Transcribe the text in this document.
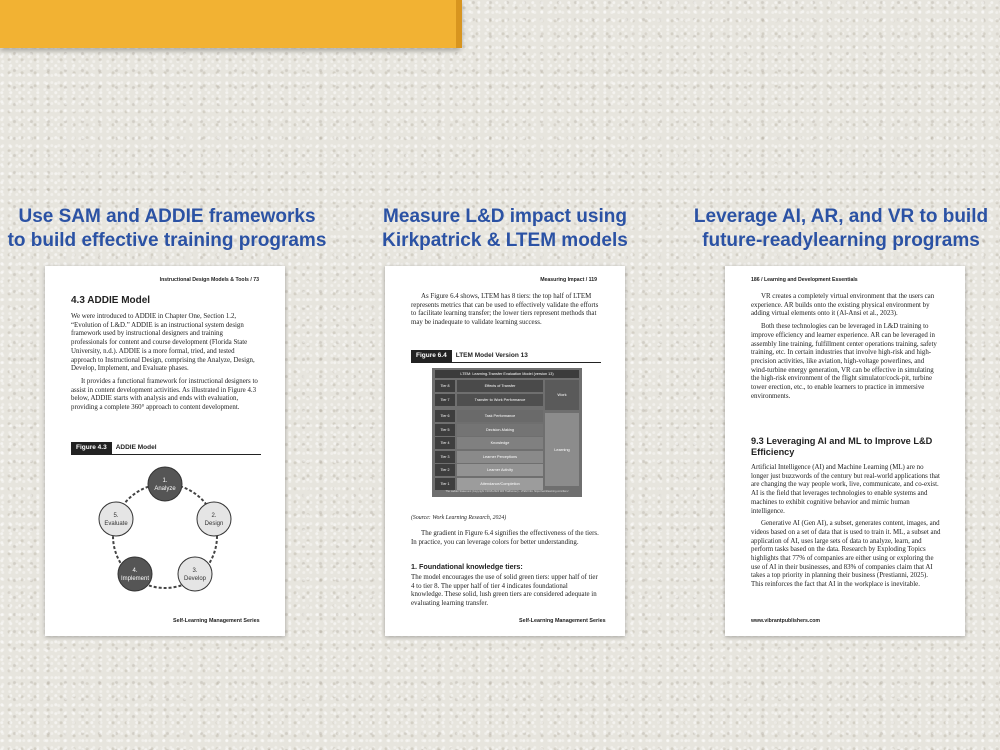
Use SAM and ADDIE frameworks
to build effective training programs
Measure L&D impact using
Kirkpatrick & LTEM models
Leverage AI, AR, and VR to build
future-readylearning programs
Instructional Design Models & Tools / 73
4.3 ADDIE Model

We were introduced to ADDIE in Chapter One, Section 1.2, “Evolution of L&D.” ADDIE is an instructional system design framework used by instructional designers and training professionals for content and course development (Florida State University, n.d.). ADDIE is a more formal, tried, and tested approach to Instructional Design, comprising the Analyze, Design, Develop, Implement, and Evaluate phases.

It provides a functional framework for instructional designers to assist in content development activities. As illustrated in Figure 4.3 below, ADDIE starts with analysis and ends with evaluation, providing a complete 360° approach to content development.

Figure 4.3 ADDIE Model
1.
Analyze
2.
Design
3.
Develop
4.
Implement
5.
Evaluate
Self-Learning Management Series
Measuring Impact / 119

As Figure 6.4 shows, LTEM has 8 tiers: the top half of LTEM represents metrics that can be used to effectively validate the efforts to facilitate learning transfer; the lower tiers represent methods that may be inadequate to validate learning success.

Figure 6.4 LTEM Model Version 13
LTEM: Learning-Transfer Evaluation Model (version 13)
Tier 8	Effects of Transfer
Tier 7	Transfer to Work Performance
Tier 6	Task Performance
Tier 5	Decision-Making
Tier 4	Knowledge
Tier 3	Learner Perceptions
Tier 2	Learner Activity
Tier 1	Attendance/Completion
Work
Learning
The Ladder Statement (Copyright ©2018-2024 Will Thalheimer) - LTEM Info: https://worklearning.com/ltem/
(Source: Work Learning Research, 2024)

The gradient in Figure 6.4 signifies the effectiveness of the tiers. In practice, you can leverage colors for better understanding.

1. Foundational knowledge tiers:

The model encourages the use of solid green tiers: upper half of tier 4 to tier 8. The upper half of tier 4 indicates foundational knowledge. These solid, lush green tiers are considered adequate in evaluating learning transfer.

Self-Learning Management Series
186 / Learning and Development Essentials

VR creates a completely virtual environment that the users can experience. AR builds onto the existing physical environment by adding virtual elements onto it (Al-Ansi et al., 2023).

Both these technologies can be leveraged in L&D training to improve efficiency and learner experience. AR can be leveraged in assembly line training, fulfillment center operations training, safety training, etc. In certain industries that involve high-risk and high-precision activities, like aviation, high-voltage powerlines, and wind-turbine energy generation, VR can be effective in simulating the high-risk environment of the flight simulator/cock-pit, turbine tower erection, etc., to enable learners to practice in immersive environments.

9.3 Leveraging AI and ML to Improve L&D Efficiency

Artificial Intelligence (AI) and Machine Learning (ML) are no longer just buzzwords of the century but real-world applications that are changing the way people work, live, communicate, and co-exist. AI is the field that leverages technologies to enable systems and machines to exhibit cognitive behavior and mimic human intelligence.

Generative AI (Gen AI), a subset, generates content, images, and videos based on a set of data that is used to train it. ML, a subset and application of AI, uses large sets of data to analyze, learn, and perform tasks based on the data. Research by Exploding Topics highlights that 77% of companies are either using or exploring the use of AI in their businesses, and 83% of companies claim that AI takes a top priority in planning their business (Prestianni, 2025). This reinforces the fact that AI in the workplace is inevitable.

www.vibrantpublishers.com
